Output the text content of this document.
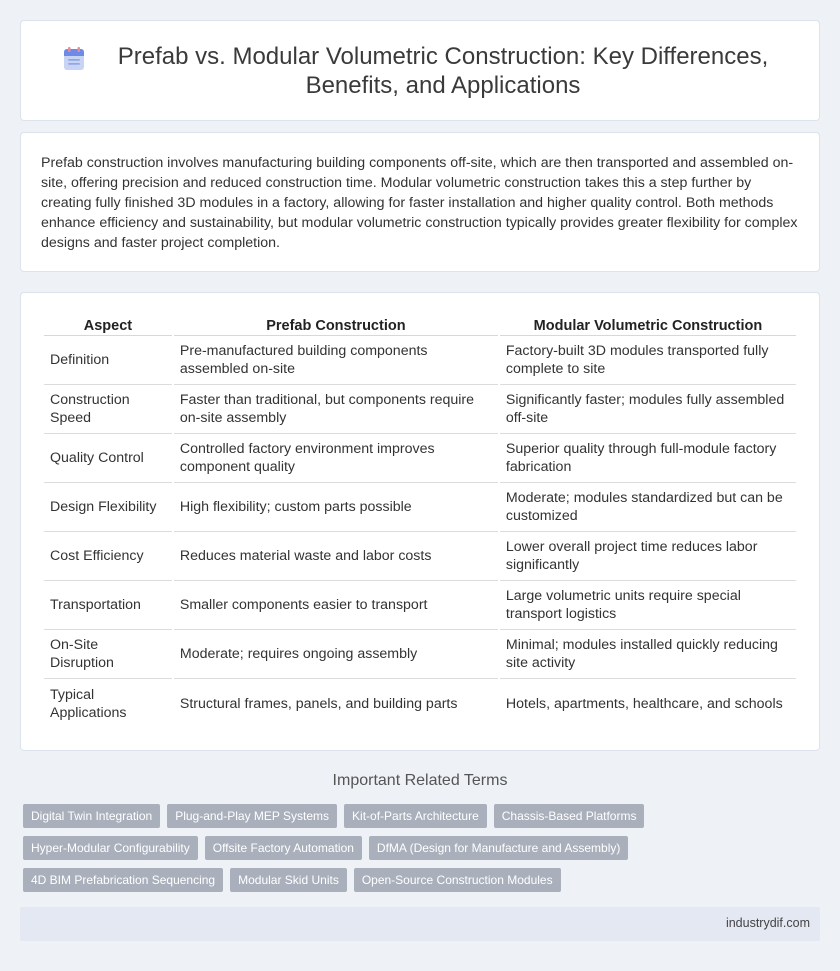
Prefab vs. Modular Volumetric Construction: Key Differences, Benefits, and Applications

Prefab construction involves manufacturing building components off-site, which are then transported and assembled on-site, offering precision and reduced construction time. Modular volumetric construction takes this a step further by creating fully finished 3D modules in a factory, allowing for faster installation and higher quality control. Both methods enhance efficiency and sustainability, but modular volumetric construction typically provides greater flexibility for complex designs and faster project completion.

Aspect	Prefab Construction	Modular Volumetric Construction
Definition	Pre-manufactured building components assembled on-site	Factory-built 3D modules transported fully complete to site
Construction Speed	Faster than traditional, but components require on-site assembly	Significantly faster; modules fully assembled off-site
Quality Control	Controlled factory environment improves component quality	Superior quality through full-module factory fabrication
Design Flexibility	High flexibility; custom parts possible	Moderate; modules standardized but can be customized
Cost Efficiency	Reduces material waste and labor costs	Lower overall project time reduces labor significantly
Transportation	Smaller components easier to transport	Large volumetric units require special transport logistics
On-Site Disruption	Moderate; requires ongoing assembly	Minimal; modules installed quickly reducing site activity
Typical Applications	Structural frames, panels, and building parts	Hotels, apartments, healthcare, and schools
Important Related Terms
Digital Twin Integration	Plug-and-Play MEP Systems	Kit-of-Parts Architecture	Chassis-Based Platforms
Hyper-Modular Configurability	Offsite Factory Automation	DfMA (Design for Manufacture and Assembly)
4D BIM Prefabrication Sequencing	Modular Skid Units	Open-Source Construction Modules
industrydif.com
